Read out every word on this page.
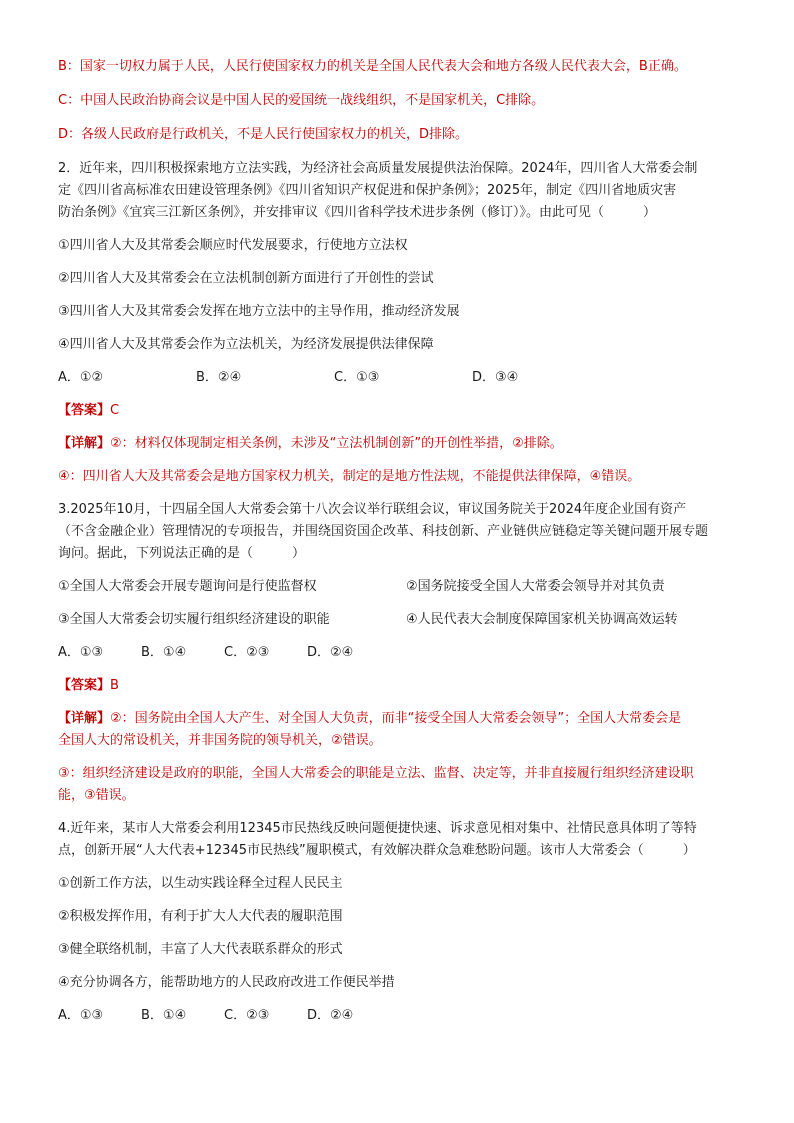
B：国家一切权力属于人民，人民行使国家权力的机关是全国人民代表大会和地方各级人民代表大会，B正确。

C：中国人民政治协商会议是中国人民的爱国统一战线组织，不是国家机关，C排除。

D：各级人民政府是行政机关，不是人民行使国家权力的机关，D排除。

2．近年来，四川积极探索地方立法实践，为经济社会高质量发展提供法治保障。2024年，四川省人大常委会制

定《四川省高标准农田建设管理条例》《四川省知识产权促进和保护条例》；2025年，制定《四川省地质灾害

防治条例》《宜宾三江新区条例》，并安排审议《四川省科学技术进步条例（修订）》。由此可见（　　　）

①四川省人大及其常委会顺应时代发展要求，行使地方立法权

②四川省人大及其常委会在立法机制创新方面进行了开创性的尝试

③四川省人大及其常委会发挥在地方立法中的主导作用，推动经济发展

④四川省人大及其常委会作为立法机关，为经济发展提供法律保障

A．①②	B．②④	C．①③	D．③④

【答案】C

【详解】②：材料仅体现制定相关条例，未涉及“立法机制创新”的开创性举措，②排除。

④：四川省人大及其常委会是地方国家权力机关，制定的是地方性法规，不能提供法律保障，④错误。

3.2025年10月，十四届全国人大常委会第十八次会议举行联组会议，审议国务院关于2024年度企业国有资产

（不含金融企业）管理情况的专项报告，并围绕国资国企改革、科技创新、产业链供应链稳定等关键问题开展专题

询问。据此，下列说法正确的是（　　　）

①全国人大常委会开展专题询问是行使监督权	②国务院接受全国人大常委会领导并对其负责
③全国人大常委会切实履行组织经济建设的职能	④人民代表大会制度保障国家机关协调高效运转
A．①③	B．①④	C．②③	D．②④

【答案】B

【详解】②：国务院由全国人大产生、对全国人大负责，而非“接受全国人大常委会领导”；全国人大常委会是

全国人大的常设机关，并非国务院的领导机关，②错误。

③：组织经济建设是政府的职能，全国人大常委会的职能是立法、监督、决定等，并非直接履行组织经济建设职

能，③错误。

4.近年来，某市人大常委会利用12345市民热线反映问题便捷快速、诉求意见相对集中、社情民意具体明了等特

点，创新开展“人大代表+12345市民热线”履职模式，有效解决群众急难愁盼问题。该市人大常委会（　　　）

①创新工作方法，以生动实践诠释全过程人民民主

②积极发挥作用，有利于扩大人大代表的履职范围

③健全联络机制，丰富了人大代表联系群众的形式

④充分协调各方，能帮助地方的人民政府改进工作便民举措

A．①③	B．①④	C．②③	D．②④
